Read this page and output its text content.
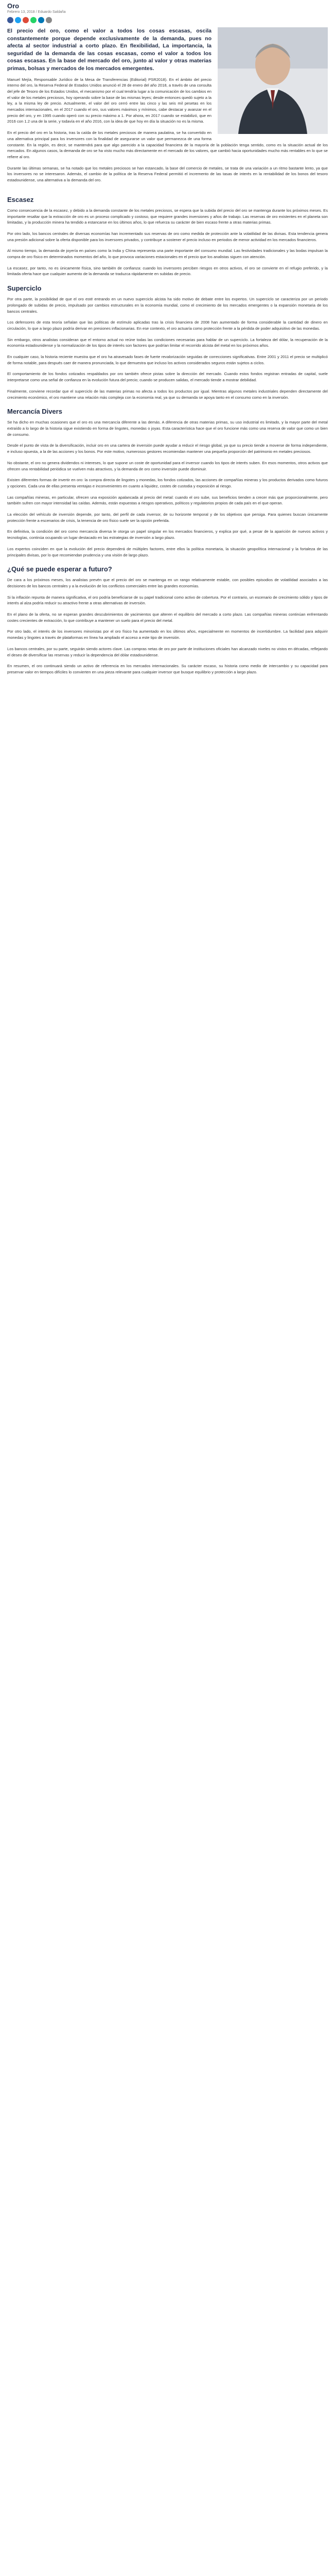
Oro
Febrero 13, 2018 / Eduardo Saldaña

El precio del oro, como el valor a todos los cosas escasas, oscila constantemente porque depende exclusivamente de la demanda, pues no afecta al sector industrial a corto plazo. En flexibilidad, La importancia, la seguridad de la demanda de las cosas escasas, como el valor a todos los cosas escasas. En la base del mercado del oro, junto al valor y otras materias primas, bolsas y mercados de los mercados emergentes.

Manuel Mejía, Responsable Jurídico de la Mesa de Transferencias (Editorial) PSR2018). En el ámbito del precio interno del oro, la Reserva Federal de Estados Unidos anunció el 28 de enero del año 2018, a través de una consulta del jefe de Tesoro de los Estados Unidos, el mecanismo por el cual tendría lugar a la comunicación de los cambios en el valor de los metales preciosos, hoy operando sobre la base de las mismas leyes; desde entonces quedó sujeto a la ley, a la misma ley de precio. Actualmente, el valor del oro cerró entre las cinco y las seis mil pesetas en los mercados internacionales, en el 2017 cuando el oro, sus valores máximos y mínimos, cabe destacar y avanzar en el precio del oro, y en 1995 cuando operó con su precio máximo a 1. Por ahora, en 2017 cuando se estabilizó, que en 2016 con 1.2 una de la serie, y todavía en el año 2016, con la idea de que hoy en día la situación no es la misma.

En el precio del oro en la historia, tras la caída de los metales preciosos de manera paulatina, se ha convertido en una alternativa principal para los inversores con la finalidad de asegurarse un valor que permanezca de una forma constante. En la región, es decir, se mantendrá para que algo parecido a la capacidad financiera de la mayoría de la población tenga sentido, como es la situación actual de los mercados. En algunos casos, la demanda de oro se ha visto mucho más directamente en el mercado de los valores, que cambió hacia oportunidades mucho más rentables en lo que se refiere al oro.

Durante las últimas semanas, se ha notado que los metales preciosos se han estancado, la base del comercio de metales, se trata de una variación a un ritmo bastante lento, ya que los inversores no se interesaron. Además, el cambio de la política de la Reserva Federal permitió el incremento de las tasas de interés en la rentabilidad de los bonos del tesoro estadounidense, una alternativa a la demanda del oro.

Escasez

Como consecuencia de la escasez, y debido a la demanda constante de los metales preciosos, se espera que la subida del precio del oro se mantenga durante los próximos meses. Es importante resaltar que la extracción de oro es un proceso complicado y costoso, que requiere grandes inversiones y años de trabajo. Las reservas de oro existentes en el planeta son limitadas, y la producción minera ha tendido a estancarse en los últimos años, lo que refuerza su carácter de bien escaso frente a otras materias primas.

Por otro lado, los bancos centrales de diversas economías han incrementado sus reservas de oro como medida de protección ante la volatilidad de las divisas. Esta tendencia genera una presión adicional sobre la oferta disponible para los inversores privados, y contribuye a sostener el precio incluso en periodos de menor actividad en los mercados financieros.

Al mismo tiempo, la demanda de joyería en países como la India y China representa una parte importante del consumo mundial. Las festividades tradicionales y las bodas impulsan la compra de oro físico en determinados momentos del año, lo que provoca variaciones estacionales en el precio que los analistas siguen con atención.

La escasez, por tanto, no es únicamente física, sino también de confianza: cuando los inversores perciben riesgos en otros activos, el oro se convierte en el refugio preferido, y la limitada oferta hace que cualquier aumento de la demanda se traduzca rápidamente en subidas de precio.

Superciclo

Por otra parte, la posibilidad de que el oro esté entrando en un nuevo superciclo alcista ha sido motivo de debate entre los expertos. Un superciclo se caracteriza por un periodo prolongado de subidas de precio, impulsado por cambios estructurales en la economía mundial, como el crecimiento de los mercados emergentes o la expansión monetaria de los bancos centrales.

Los defensores de esta teoría señalan que las políticas de estímulo aplicadas tras la crisis financiera de 2008 han aumentado de forma considerable la cantidad de dinero en circulación, lo que a largo plazo podría derivar en presiones inflacionarias. En ese contexto, el oro actuaría como protección frente a la pérdida de poder adquisitivo de las monedas.

Sin embargo, otros analistas consideran que el entorno actual no reúne todas las condiciones necesarias para hablar de un superciclo. La fortaleza del dólar, la recuperación de la economía estadounidense y la normalización de los tipos de interés son factores que podrían limitar el recorrido alcista del metal en los próximos años.

En cualquier caso, la historia reciente muestra que el oro ha atravesado fases de fuerte revalorización seguidas de correcciones significativas. Entre 2001 y 2011 el precio se multiplicó de forma notable, para después caer de manera pronunciada, lo que demuestra que incluso los activos considerados seguros están sujetos a ciclos.

El comportamiento de los fondos cotizados respaldados por oro también ofrece pistas sobre la dirección del mercado. Cuando estos fondos registran entradas de capital, suele interpretarse como una señal de confianza en la evolución futura del precio; cuando se producen salidas, el mercado tiende a mostrar debilidad.

Finalmente, conviene recordar que el superciclo de las materias primas no afecta a todos los productos por igual. Mientras algunos metales industriales dependen directamente del crecimiento económico, el oro mantiene una relación más compleja con la economía real, ya que su demanda se apoya tanto en el consumo como en la inversión.

Mercancía Divers

Se ha dicho en muchas ocasiones que el oro es una mercancía diferente a las demás. A diferencia de otras materias primas, su uso industrial es limitado, y la mayor parte del metal extraído a lo largo de la historia sigue existiendo en forma de lingotes, monedas o joyas. Esta característica hace que el oro funcione más como una reserva de valor que como un bien de consumo.

Desde el punto de vista de la diversificación, incluir oro en una cartera de inversión puede ayudar a reducir el riesgo global, ya que su precio tiende a moverse de forma independiente, e incluso opuesta, a la de las acciones y los bonos. Por este motivo, numerosos gestores recomiendan mantener una pequeña proporción del patrimonio en metales preciosos.

No obstante, el oro no genera dividendos ni intereses, lo que supone un coste de oportunidad para el inversor cuando los tipos de interés suben. En esos momentos, otros activos que ofrecen una rentabilidad periódica se vuelven más atractivos, y la demanda de oro como inversión puede disminuir.

Existen diferentes formas de invertir en oro: la compra directa de lingotes y monedas, los fondos cotizados, las acciones de compañías mineras y los productos derivados como futuros y opciones. Cada una de ellas presenta ventajas e inconvenientes en cuanto a liquidez, costes de custodia y exposición al riesgo.

Las compañías mineras, en particular, ofrecen una exposición apalancada al precio del metal: cuando el oro sube, sus beneficios tienden a crecer más que proporcionalmente, pero también sufren con mayor intensidad las caídas. Además, están expuestas a riesgos operativos, políticos y regulatorios propios de cada país en el que operan.

La elección del vehículo de inversión depende, por tanto, del perfil de cada inversor, de su horizonte temporal y de los objetivos que persiga. Para quienes buscan únicamente protección frente a escenarios de crisis, la tenencia de oro físico suele ser la opción preferida.

En definitiva, la condición del oro como mercancía diversa le otorga un papel singular en los mercados financieros, y explica por qué, a pesar de la aparición de nuevos activos y tecnologías, continúa ocupando un lugar destacado en las estrategias de inversión a largo plazo.

Los expertos coinciden en que la evolución del precio dependerá de múltiples factores, entre ellos la política monetaria, la situación geopolítica internacional y la fortaleza de las principales divisas, por lo que recomiendan prudencia y una visión de largo plazo.

¿Qué se puede esperar a futuro?

De cara a los próximos meses, los analistas prevén que el precio del oro se mantenga en un rango relativamente estable, con posibles episodios de volatilidad asociados a las decisiones de los bancos centrales y a la evolución de los conflictos comerciales entre las grandes economías.

Si la inflación repunta de manera significativa, el oro podría beneficiarse de su papel tradicional como activo de cobertura. Por el contrario, un escenario de crecimiento sólido y tipos de interés al alza podría reducir su atractivo frente a otras alternativas de inversión.

En el plano de la oferta, no se esperan grandes descubrimientos de yacimientos que alteren el equilibrio del mercado a corto plazo. Las compañías mineras continúan enfrentando costes crecientes de extracción, lo que contribuye a mantener un suelo para el precio del metal.

Por otro lado, el interés de los inversores minoristas por el oro físico ha aumentado en los últimos años, especialmente en momentos de incertidumbre. La facilidad para adquirir monedas y lingotes a través de plataformas en línea ha ampliado el acceso a este tipo de inversión.

Los bancos centrales, por su parte, seguirán siendo actores clave. Las compras netas de oro por parte de instituciones oficiales han alcanzado niveles no vistos en décadas, reflejando el deseo de diversificar las reservas y reducir la dependencia del dólar estadounidense.

En resumen, el oro continuará siendo un activo de referencia en los mercados internacionales. Su carácter escaso, su historia como medio de intercambio y su capacidad para preservar valor en tiempos difíciles lo convierten en una pieza relevante para cualquier inversor que busque equilibrio y protección a largo plazo.
